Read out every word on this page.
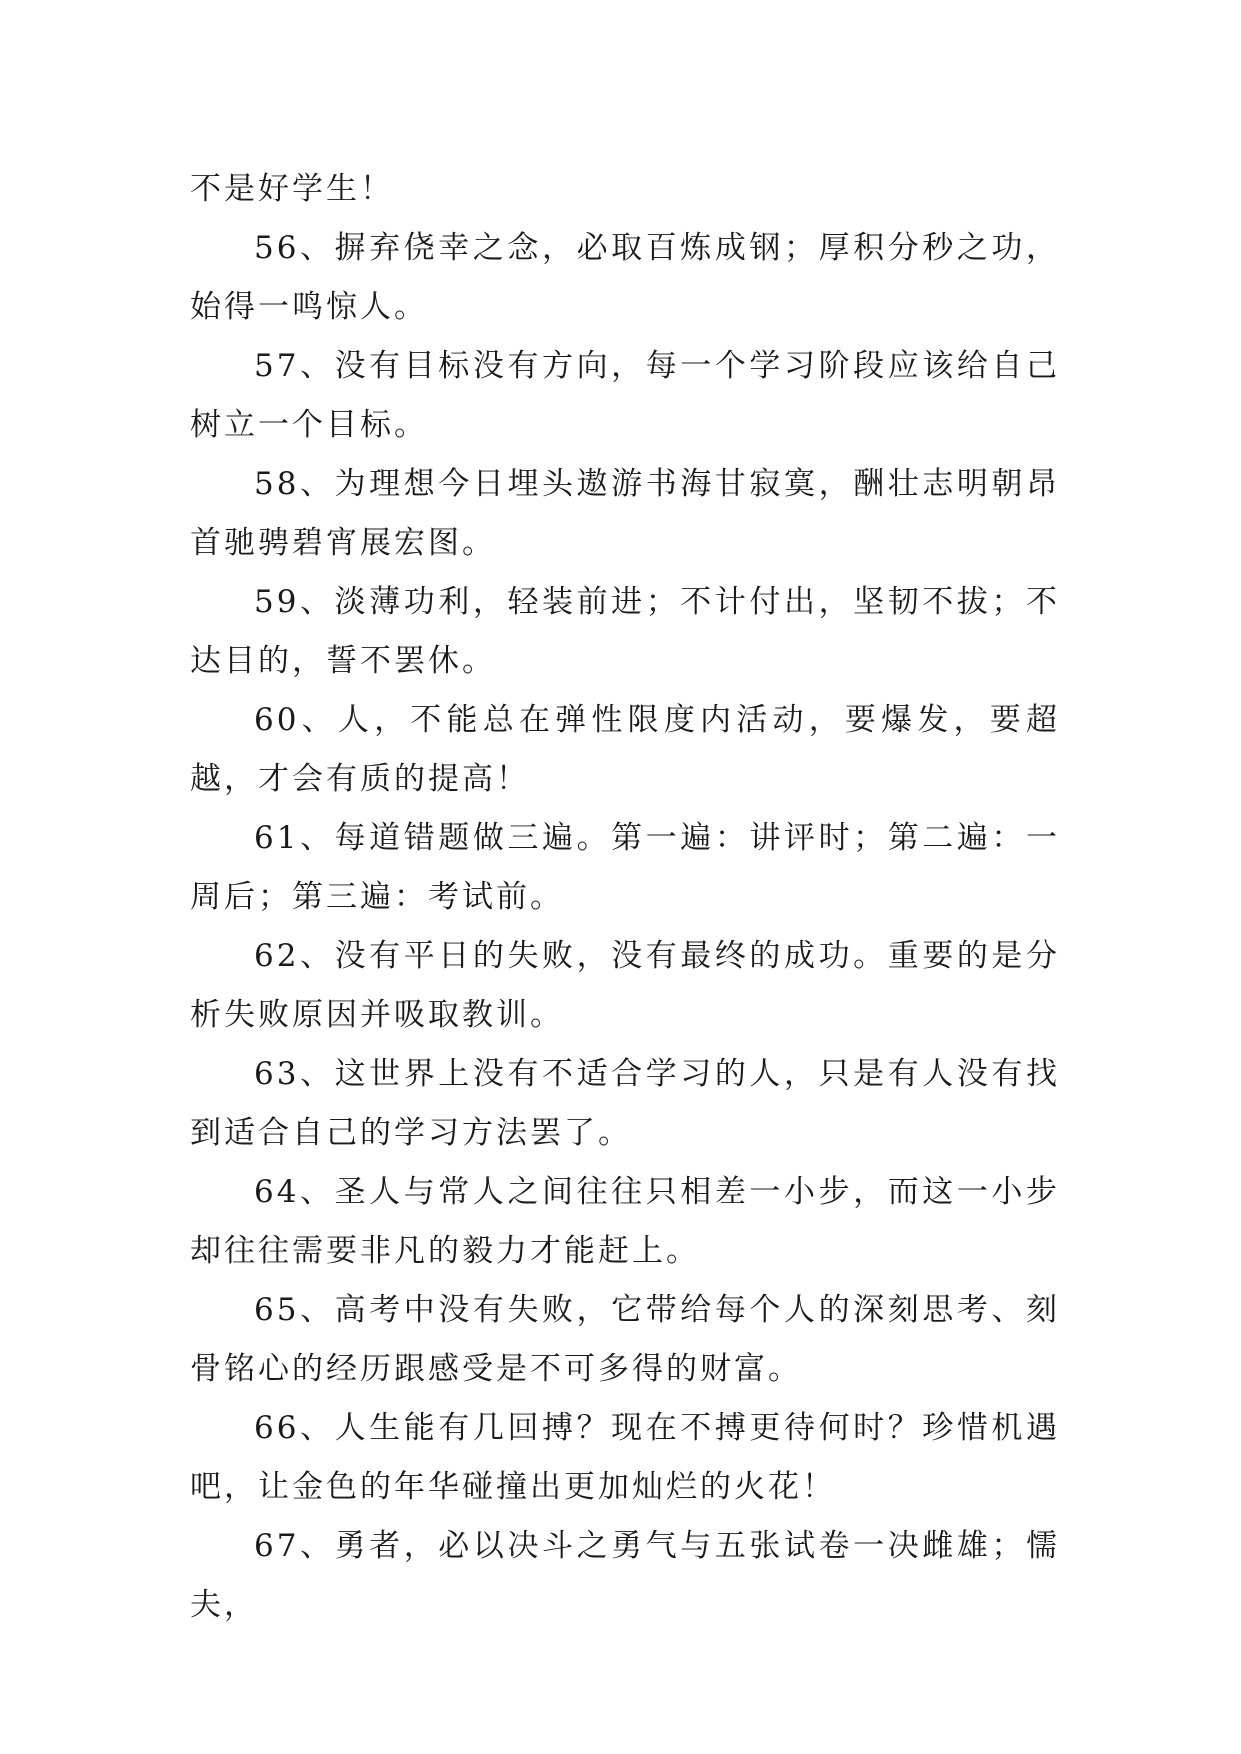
不是好学生！

56、摒弃侥幸之念，必取百炼成钢；厚积分秒之功，始得一鸣惊人。

57、没有目标没有方向，每一个学习阶段应该给自己树立一个目标。

58、为理想今日埋头遨游书海甘寂寞，酬壮志明朝昂首驰骋碧宵展宏图。

59、淡薄功利，轻装前进；不计付出，坚韧不拔；不达目的，誓不罢休。

60、人，不能总在弹性限度内活动，要爆发，要超越，才会有质的提高！

61、每道错题做三遍。第一遍：讲评时；第二遍：一周后；第三遍：考试前。

62、没有平日的失败，没有最终的成功。重要的是分析失败原因并吸取教训。

63、这世界上没有不适合学习的人，只是有人没有找到适合自己的学习方法罢了。

64、圣人与常人之间往往只相差一小步，而这一小步却往往需要非凡的毅力才能赶上。

65、高考中没有失败，它带给每个人的深刻思考、刻骨铭心的经历跟感受是不可多得的财富。

66、人生能有几回搏？现在不搏更待何时？珍惜机遇吧，让金色的年华碰撞出更加灿烂的火花！

67、勇者，必以决斗之勇气与五张试卷一决雌雄；懦夫，
